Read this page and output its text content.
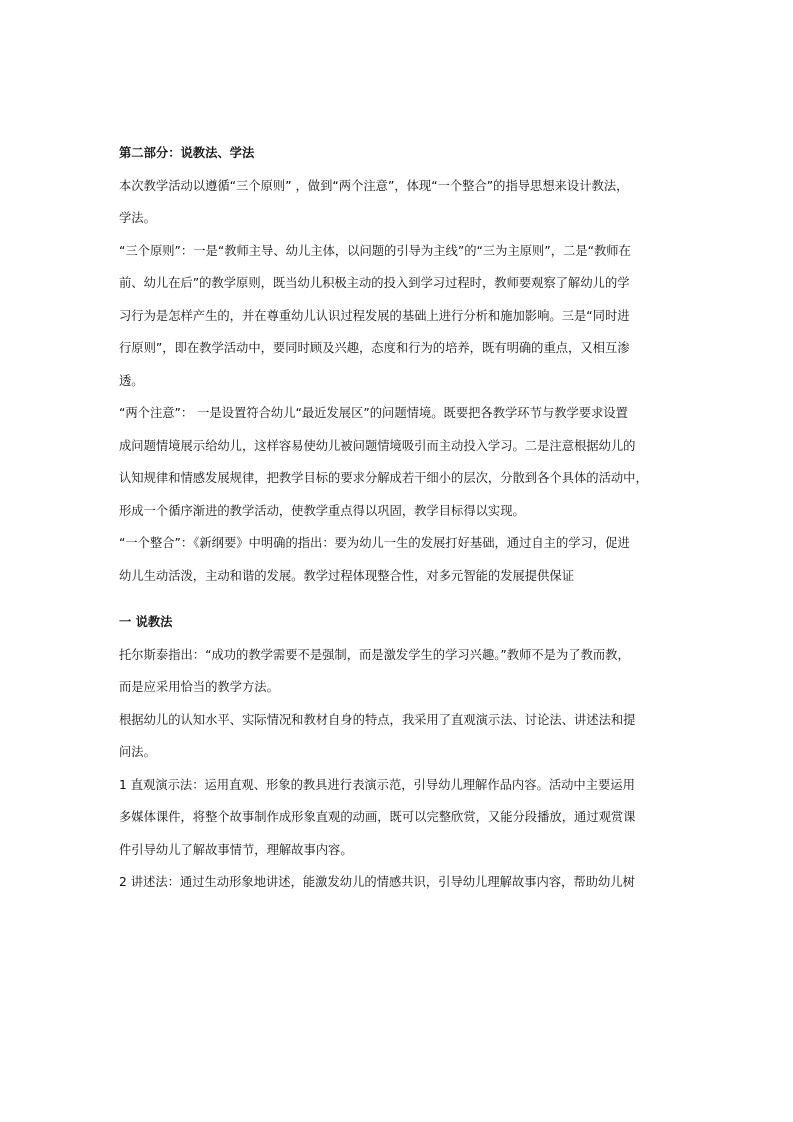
第二部分：说教法、学法
本次教学活动以遵循“三个原则” ，做到“两个注意”，体现“一个整合”的指导思想来设计教法，
学法。
“三个原则”：一是“教师主导、幼儿主体，以问题的引导为主线”的“三为主原则”，二是“教师在
前、幼儿在后”的教学原则，既当幼儿积极主动的投入到学习过程时，教师要观察了解幼儿的学
习行为是怎样产生的，并在尊重幼儿认识过程发展的基础上进行分析和施加影响。三是“同时进
行原则”，即在教学活动中，要同时顾及兴趣，态度和行为的培养，既有明确的重点，又相互渗
透。
“两个注意”： 一是设置符合幼儿“最近发展区”的问题情境。既要把各教学环节与教学要求设置
成问题情境展示给幼儿，这样容易使幼儿被问题情境吸引而主动投入学习。二是注意根据幼儿的
认知规律和情感发展规律，把教学目标的要求分解成若干细小的层次，分散到各个具体的活动中，
形成一个循序渐进的教学活动，使教学重点得以巩固，教学目标得以实现。
“一个整合”：《新纲要》中明确的指出：要为幼儿一生的发展打好基础，通过自主的学习，促进
幼儿生动活泼，主动和谐的发展。教学过程体现整合性，对多元智能的发展提供保证
一 说教法
托尔斯泰指出：“成功的教学需要不是强制，而是激发学生的学习兴趣。”教师不是为了教而教，
而是应采用恰当的教学方法。
根据幼儿的认知水平、实际情况和教材自身的特点，我采用了直观演示法、讨论法、讲述法和提
问法。
1 直观演示法：运用直观、形象的教具进行表演示范，引导幼儿理解作品内容。活动中主要运用
多媒体课件，将整个故事制作成形象直观的动画，既可以完整欣赏，又能分段播放，通过观赏课
件引导幼儿了解故事情节，理解故事内容。
2 讲述法：通过生动形象地讲述，能激发幼儿的情感共识，引导幼儿理解故事内容，帮助幼儿树
